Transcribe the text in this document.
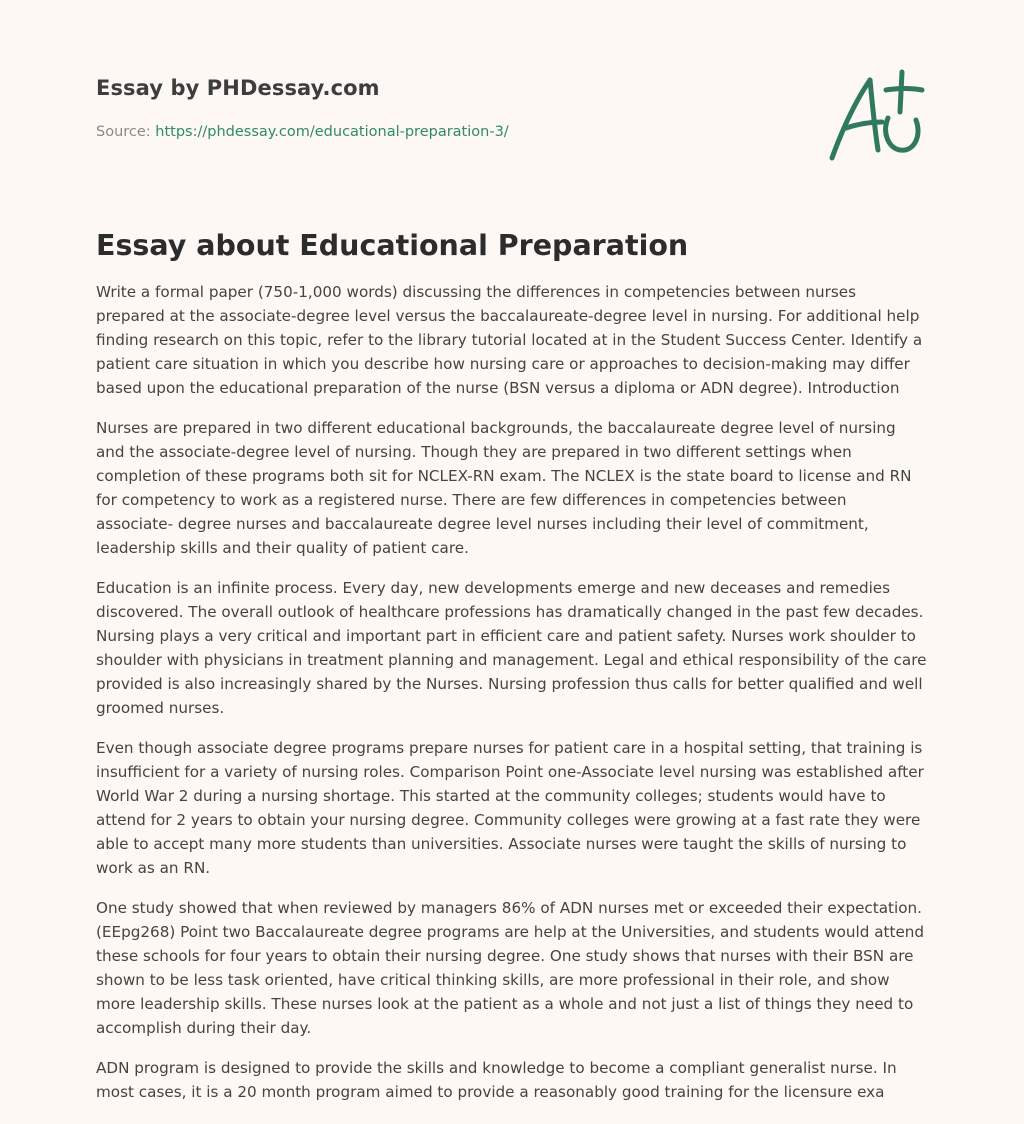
Essay by PHDessay.com
Source: https://phdessay.com/educational-preparation-3/
Essay about Educational Preparation

Write a formal paper (750-1,000 words) discussing the differences in competencies between nurses prepared at the associate-degree level versus the baccalaureate-degree level in nursing. For additional help finding research on this topic, refer to the library tutorial located at in the Student Success Center. Identify a patient care situation in which you describe how nursing care or approaches to decision-making may differ based upon the educational preparation of the nurse (BSN versus a diploma or ADN degree). Introduction

Nurses are prepared in two different educational backgrounds, the baccalaureate degree level of nursing and the associate-degree level of nursing. Though they are prepared in two different settings when completion of these programs both sit for NCLEX-RN exam. The NCLEX is the state board to license and RN for competency to work as a registered nurse. There are few differences in competencies between associate- degree nurses and baccalaureate degree level nurses including their level of commitment, leadership skills and their quality of patient care.

Education is an infinite process. Every day, new developments emerge and new deceases and remedies discovered. The overall outlook of healthcare professions has dramatically changed in the past few decades. Nursing plays a very critical and important part in efficient care and patient safety. Nurses work shoulder to shoulder with physicians in treatment planning and management. Legal and ethical responsibility of the care provided is also increasingly shared by the Nurses. Nursing profession thus calls for better qualified and well groomed nurses.

Even though associate degree programs prepare nurses for patient care in a hospital setting, that training is insufficient for a variety of nursing roles. Comparison Point one-Associate level nursing was established after World War 2 during a nursing shortage. This started at the community colleges; students would have to attend for 2 years to obtain your nursing degree. Community colleges were growing at a fast rate they were able to accept many more students than universities. Associate nurses were taught the skills of nursing to work as an RN.

One study showed that when reviewed by managers 86% of ADN nurses met or exceeded their expectation. (EEpg268) Point two Baccalaureate degree programs are help at the Universities, and students would attend these schools for four years to obtain their nursing degree. One study shows that nurses with their BSN are shown to be less task oriented, have critical thinking skills, are more professional in their role, and show more leadership skills. These nurses look at the patient as a whole and not just a list of things they need to accomplish during their day.

ADN program is designed to provide the skills and knowledge to become a compliant generalist nurse. In most cases, it is a 20 month program aimed to provide a reasonably good training for the licensure exa
